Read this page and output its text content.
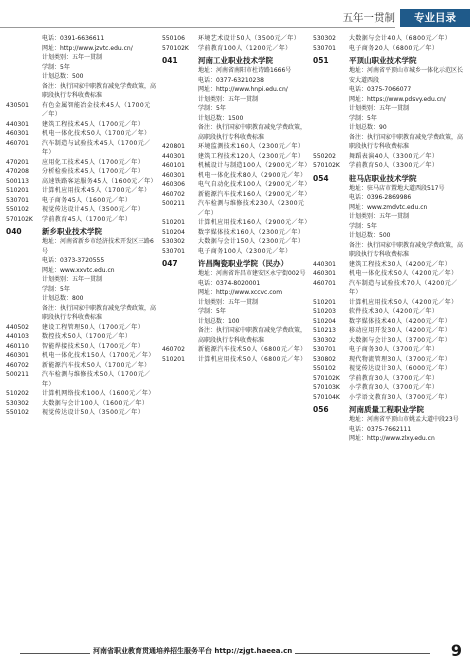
五年一贯制	专业目录
电话：0391-6636611
网址：http://www.jzvtc.edu.cn/
计划类别：五年一贯制
学制：5年
计划总数：500
备注：执行国家中职教育减免学费政策，高职段执行专科收费标准
430501 有色金属智能冶金技术45人（1700元／年）
440301 建筑工程技术45人（1700元／年）
460301 机电一体化技术50人（1700元／年）
460701 汽车制造与试验技术45人（1700元／年）
470201 应用化工技术45人（1700元／年）
470208 分析检验技术45人（1700元／年）
500113 高速铁路客运服务45人（1600元／年）
510201 计算机应用技术45人（1700元／年）
530701 电子商务45人（1600元／年）
550102 视觉传达设计45人（3500元／年）
570102K 学前教育45人（1700元／年）
040	新乡职业技术学院
地址：河南省新乡市经济技术开发区三路6号
电话：0373-3720555
网址：www.xxvtc.edu.cn
计划类别：五年一贯制
学制：5年
计划总数：800
备注：执行国家中职教育减免学费政策，高职段执行专科收费标准
440502 建设工程管理50人（1700元／年）
440103 数控技术50人（1700元／年）
460110 智能焊接技术50人（1700元／年）
460301 机电一体化技术150人（1700元／年）
460702 新能源汽车技术50人（1700元／年）
500211 汽车检测与维修技术50人（1700元／年）
510202 计算机网络技术100人（1600元／年）
530302 大数据与会计100人（1600元／年）
550102 视觉传达设计50人（3500元／年）
550106 环境艺术设计50人（3500元／年）
570102K 学前教育100人（1200元／年）
041	河南工业职业技术学院
地址：河南省南阳市杜诗路1666号
电话：0377-63210238
网址：http://www.hnpi.edu.cn/
计划类别：五年一贯制
学制：5年
计划总数：1500
备注：执行国家中职教育减免学费政策，高职段执行专科收费标准
420801 环境监测技术160人（2300元／年）
440301 建筑工程技术120人（2300元／年）
460101 机械设计与制造100人（2900元／年）
460301 机电一体化技术80人（2900元／年）
460306 电气自动化技术100人（2900元／年）
460702 新能源汽车技术160人（2900元／年）
500211 汽车检测与维修技术230人（2300元／年）
510201 计算机应用技术160人（2900元／年）
510204 数字媒体技术160人（2300元／年）
530302 大数据与会计150人（2300元／年）
530701 电子商务100人（2300元／年）
047	许昌陶瓷职业学院（民办）
地址：河南省许昌市建安区永宁街002号
电话：0374-8020001
网址：http://www.xccvc.com
计划类别：五年一贯制
学制：5年
计划总数：100
备注：执行国家中职教育减免学费政策，高职段执行专科收费标准
460702 新能源汽车技术50人（6800元／年）
510201 计算机应用技术50人（6800元／年）
530302 大数据与会计40人（6800元／年）
530701 电子商务20人（6800元／年）
051	平顶山职业技术学院
地址：河南省平顶山市城乡一体化示范区长安大道西段
电话：0375-7066077
网址：https://www.pdsvy.edu.cn/
计划类别：五年一贯制
学制：5年
计划总数：90
备注：执行国家中职教育减免学费政策，高职段执行专科收费标准
550202 舞蹈表演40人（3300元／年）
570102K 学前教育50人（3300元／年）
054	驻马店职业技术学院
地址：驻马店市置地大道西段517号
电话：0396-2869986
网址：www.zmdvtc.edu.cn
计划类别：五年一贯制
学制：5年
计划总数：500
备注：执行国家中职教育减免学费政策，高职段执行专科收费标准
440301 建筑工程技术30人（4200元／年）
460301 机电一体化技术50人（4200元／年）
460701 汽车制造与试验技术70人（4200元／年）
510201 计算机应用技术50人（4200元／年）
510203 软件技术30人（4200元／年）
510204 数字媒体技术40人（4200元／年）
510213 移动应用开发30人（4200元／年）
530302 大数据与会计30人（3700元／年）
530701 电子商务30人（3700元／年）
530802 现代物流管理30人（3700元／年）
550102 视觉传达设计30人（6000元／年）
570102K 学前教育30人（3700元／年）
570103K 小学教育30人（3700元／年）
570104K 小学语文教育30人（3700元／年）
056	河南质量工程职业学院
地址：河南省平顶山市姚孟大道中段23号
电话：0375-7662111
网址：http://www.zlxy.edu.cn
河南省职业教育贯通培养招生服务平台 http://zjgt.haeea.cn	9
